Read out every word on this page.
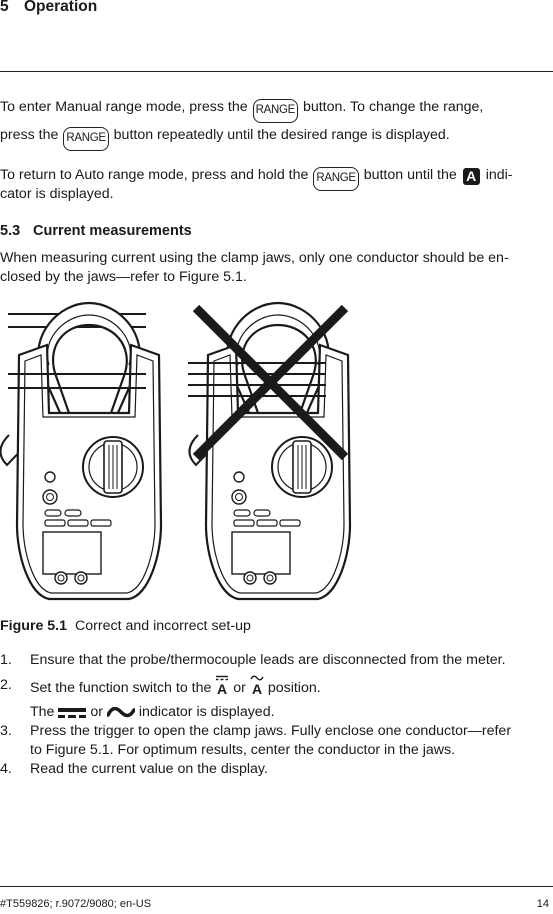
5 Operation
To enter Manual range mode, press the RANGE button. To change the range,
press the RANGE button repeatedly until the desired range is displayed.
To return to Auto range mode, press and hold the RANGE button until the A indi-
cator is displayed.
5.3 Current measurements
When measuring current using the clamp jaws, only one conductor should be en-
closed by the jaws—refer to Figure 5.1.
Figure 5.1 Correct and incorrect set-up
1. Ensure that the probe/thermocouple leads are disconnected from the meter.
2. Set the function switch to the A or A position.
The	or	indicator is displayed.
3. Press the trigger to open the clamp jaws. Fully enclose one conductor—refer
to Figure 5.1. For optimum results, center the conductor in the jaws.
4. Read the current value on the display.
#T559826; r.9072/9080; en-US	14
